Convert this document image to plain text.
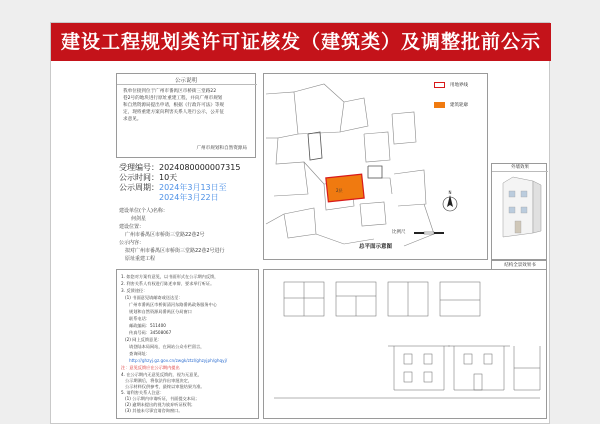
建设工程规划类许可证核发（建筑类）及调整批前公示
公示说明
我单位接到位于广州市番禺区市桥街三堂路22
巷2号的地块进行原址重建工程，并向广州市规划
和自然资源局提出申请，根据《行政许可法》等规
定，现将重建方案向利害关系人进行公示，公开征
求意见。
广州市规划和自然资源局
受理编号：2024080000007315
公示时间：10天
公示周期：2024年3月13日至
2024年3月22日
建设单位(个人)名称：
何剑星
建设位置：
广州市番禺区市桥街三堂路22巷2号
公示内容：
拟对广州市番禺区市桥街三堂路22巷2号进行
原址重建工程
2层	N
用地界线
建筑轮廓
比例尺
总平面示意图
外墙效果
结构全景效果书
1. 如您对方案有意见，以书面形式在公示期内反馈，
2. 利害关系人有权进行陈述申辩、要求举行听证。
3. 反馈途径：
(1) 书面意见请邮寄或送达至：
广州市番禺区市桥街清河东路番禺政务服务中心
规划和自然资源局番禺区分局窗口
联系电话：
邮政编码：511400
传真号码：34508067
(2) 网上反馈意见：
请登陆本局网站，在网站公众专栏留言，
查询网址：
http://ghzyj.gz.gov.cn/zwgk/ztzl/ghzyjph/ghqyj/
注：意见反馈应在公示期内提出
4. 在公示期内无意见反馈的，视为无意见，
公示期满后，将依法作出审批决定，
公示材料仅供参考，最终以审批结果为准。
5. 请利害关系人注意：
(1) 公示期内申请听证，书面提交本局；
(2) 逾期未提出的视为放弃听证权利；
(3) 其他未尽事宜请咨询窗口。
